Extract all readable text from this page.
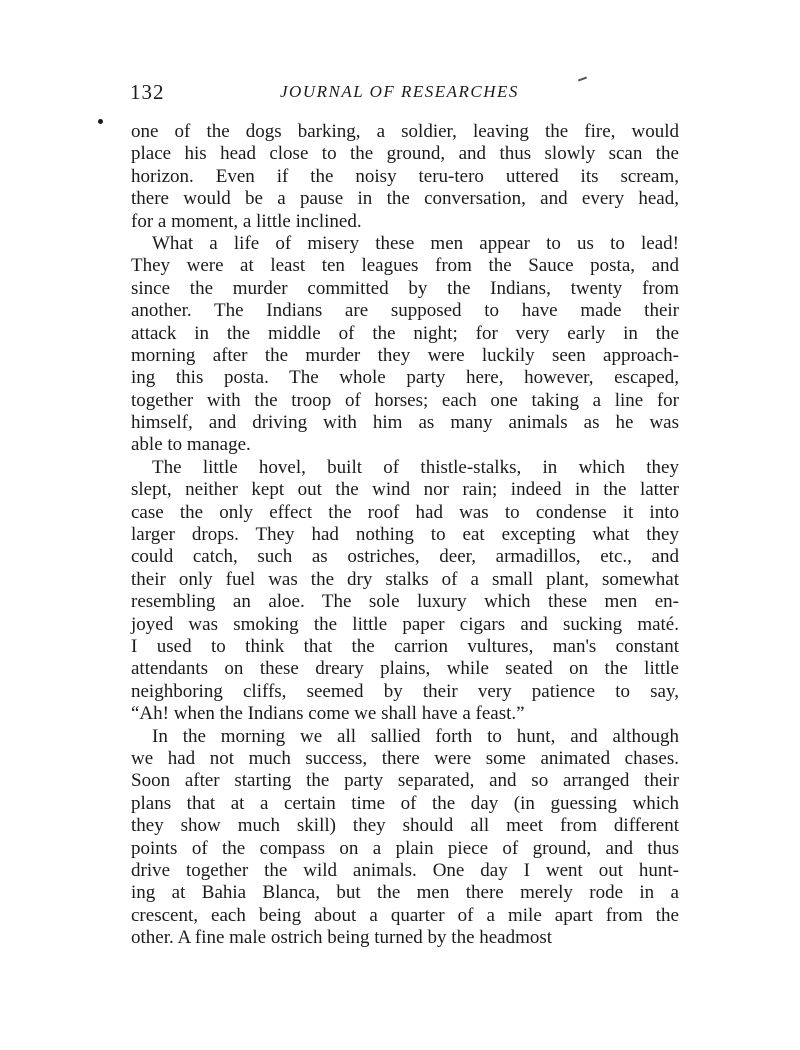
132	JOURNAL OF RESEARCHES
one of the dogs barking, a soldier, leaving the fire, would
place his head close to the ground, and thus slowly scan the
horizon. Even if the noisy teru-tero uttered its scream,
there would be a pause in the conversation, and every head,
for a moment, a little inclined.
What a life of misery these men appear to us to lead!
They were at least ten leagues from the Sauce posta, and
since the murder committed by the Indians, twenty from
another. The Indians are supposed to have made their
attack in the middle of the night; for very early in the
morning after the murder they were luckily seen approach-
ing this posta. The whole party here, however, escaped,
together with the troop of horses; each one taking a line for
himself, and driving with him as many animals as he was
able to manage.
The little hovel, built of thistle-stalks, in which they
slept, neither kept out the wind nor rain; indeed in the latter
case the only effect the roof had was to condense it into
larger drops. They had nothing to eat excepting what they
could catch, such as ostriches, deer, armadillos, etc., and
their only fuel was the dry stalks of a small plant, somewhat
resembling an aloe. The sole luxury which these men en-
joyed was smoking the little paper cigars and sucking maté.
I used to think that the carrion vultures, man's constant
attendants on these dreary plains, while seated on the little
neighboring cliffs, seemed by their very patience to say,
“Ah! when the Indians come we shall have a feast.”
In the morning we all sallied forth to hunt, and although
we had not much success, there were some animated chases.
Soon after starting the party separated, and so arranged their
plans that at a certain time of the day (in guessing which
they show much skill) they should all meet from different
points of the compass on a plain piece of ground, and thus
drive together the wild animals. One day I went out hunt-
ing at Bahia Blanca, but the men there merely rode in a
crescent, each being about a quarter of a mile apart from the
other. A fine male ostrich being turned by the headmost
